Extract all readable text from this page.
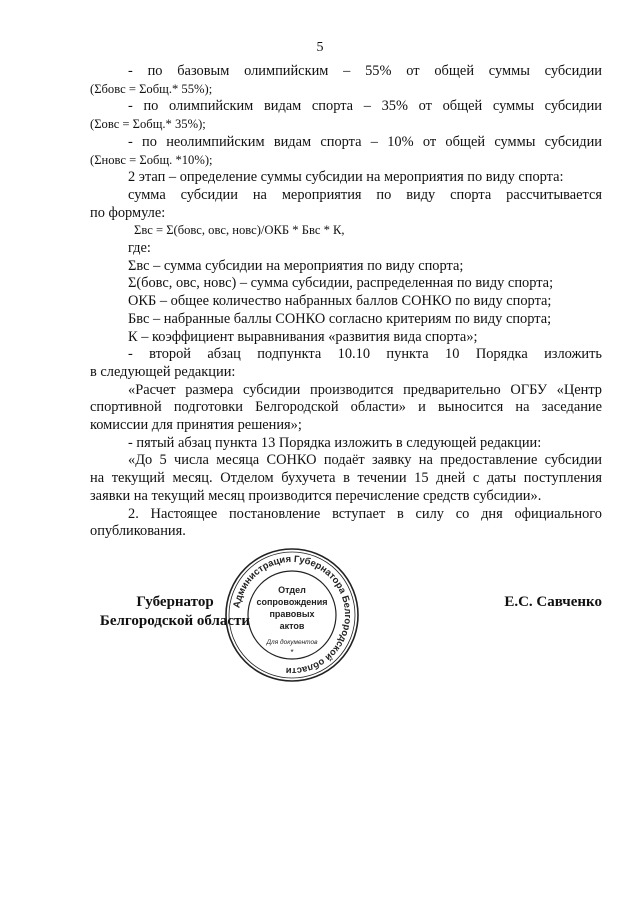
5

- по базовым олимпийским – 55% от общей суммы субсидии

(Σбовс = Σобщ.* 55%);

- по олимпийским видам спорта – 35% от общей суммы субсидии

(Σовс = Σобщ.* 35%);

- по неолимпийским видам спорта – 10% от общей суммы субсидии

(Σновс = Σобщ. *10%);

2 этап – определение суммы субсидии на мероприятия по виду спорта:

сумма субсидии на мероприятия по виду спорта рассчитывается

по формуле:

Σвс = Σ(бовс, овс, новс)/ОКБ * Бвс * К,

где:

Σвс – сумма субсидии на мероприятия по виду спорта;

Σ(бовс, овс, новс) – сумма субсидии, распределенная по виду спорта;

ОКБ – общее количество набранных баллов СОНКО по виду спорта;

Бвс – набранные баллы СОНКО согласно критериям по виду спорта;

К – коэффициент выравнивания «развития вида спорта»;

- второй абзац подпункта 10.10 пункта 10 Порядка изложить

в следующей редакции:

«Расчет размера субсидии производится предварительно ОГБУ «Центр

спортивной подготовки Белгородской области» и выносится на заседание

комиссии для принятия решения»;

- пятый абзац пункта 13 Порядка изложить в следующей редакции:

«До 5 числа месяца СОНКО подаёт заявку на предоставление субсидии

на текущий месяц. Отделом бухучета в течении 15 дней с даты поступления

заявки на текущий месяц производится перечисление средств субсидии».

2. Настоящее постановление вступает в силу со дня официального

опубликования.

Губернатор
Белгородской области
Администрация Губернатора Белгородской области
Отдел
сопровождения
правовых
актов
Для документов
*
Е.С. Савченко
